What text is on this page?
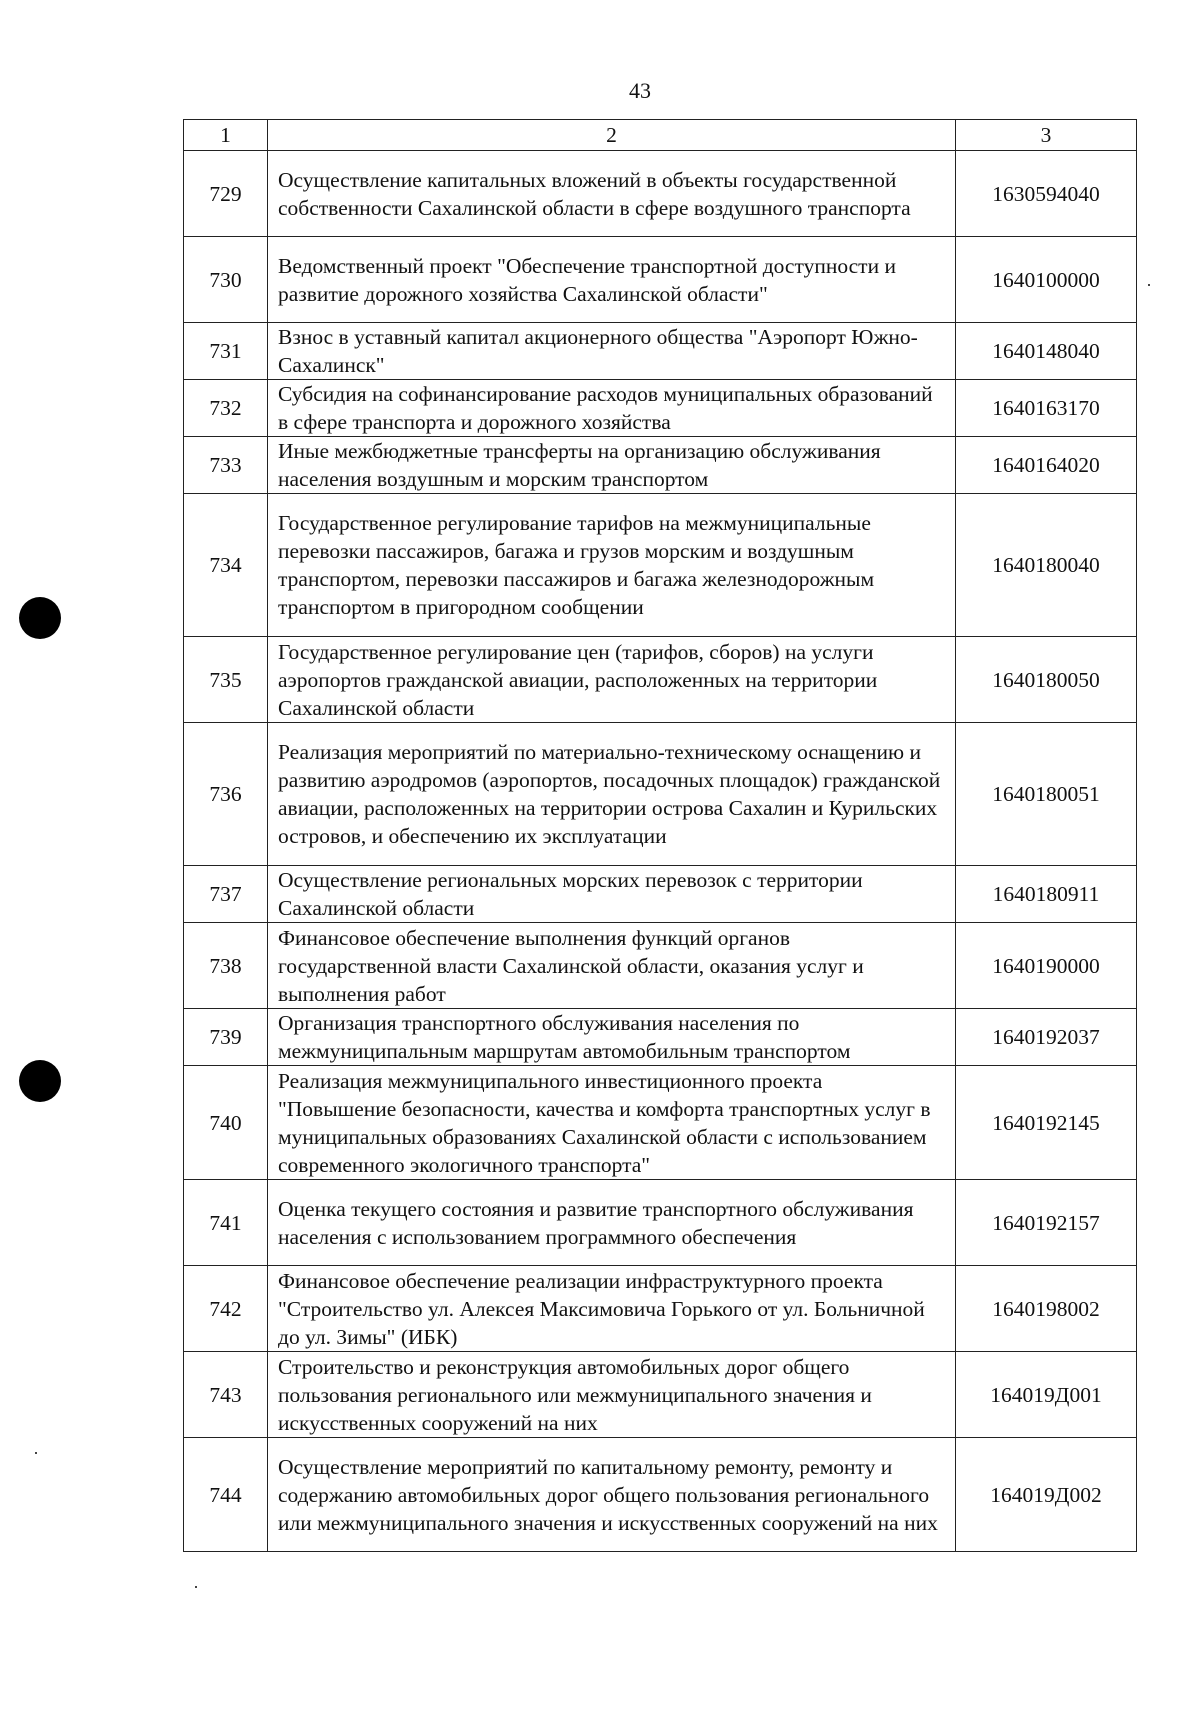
43
1	2	3
729	Осуществление капитальных вложений в объекты государственной собственности Сахалинской области в сфере воздушного транспорта	1630594040
730	Ведомственный проект "Обеспечение транспортной доступности и развитие дорожного хозяйства Сахалинской области"	1640100000
731	Взнос в уставный капитал акционерного общества "Аэропорт Южно-Сахалинск"	1640148040
732	Субсидия на софинансирование расходов муниципальных образований в сфере транспорта и дорожного хозяйства	1640163170
733	Иные межбюджетные трансферты на организацию обслуживания населения воздушным и морским транспортом	1640164020
734	Государственное регулирование тарифов на межмуниципальные перевозки пассажиров, багажа и грузов морским и воздушным транспортом, перевозки пассажиров и багажа железнодорожным транспортом в пригородном сообщении	1640180040
735	Государственное регулирование цен (тарифов, сборов) на услуги аэропортов гражданской авиации, расположенных на территории Сахалинской области	1640180050
736	Реализация мероприятий по материально-техническому оснащению и развитию аэродромов (аэропортов, посадочных площадок) гражданской авиации, расположенных на территории острова Сахалин и Курильских островов, и обеспечению их эксплуатации	1640180051
737	Осуществление региональных морских перевозок с территории Сахалинской области	1640180911
738	Финансовое обеспечение выполнения функций органов государственной власти Сахалинской области, оказания услуг и выполнения работ	1640190000
739	Организация транспортного обслуживания населения по межмуниципальным маршрутам автомобильным транспортом	1640192037
740	Реализация межмуниципального инвестиционного проекта "Повышение безопасности, качества и комфорта транспортных услуг в муниципальных образованиях Сахалинской области с использованием современного экологичного транспорта"	1640192145
741	Оценка текущего состояния и развитие транспортного обслуживания населения с использованием программного обеспечения	1640192157
742	Финансовое обеспечение реализации инфраструктурного проекта "Строительство ул. Алексея Максимовича Горького от ул. Больничной до ул. Зимы" (ИБК)	1640198002
743	Строительство и реконструкция автомобильных дорог общего пользования регионального или межмуниципального значения и искусственных сооружений на них	164019Д001
744	Осуществление мероприятий по капитальному ремонту, ремонту и содержанию автомобильных дорог общего пользования регионального или межмуниципального значения и искусственных сооружений на них	164019Д002
